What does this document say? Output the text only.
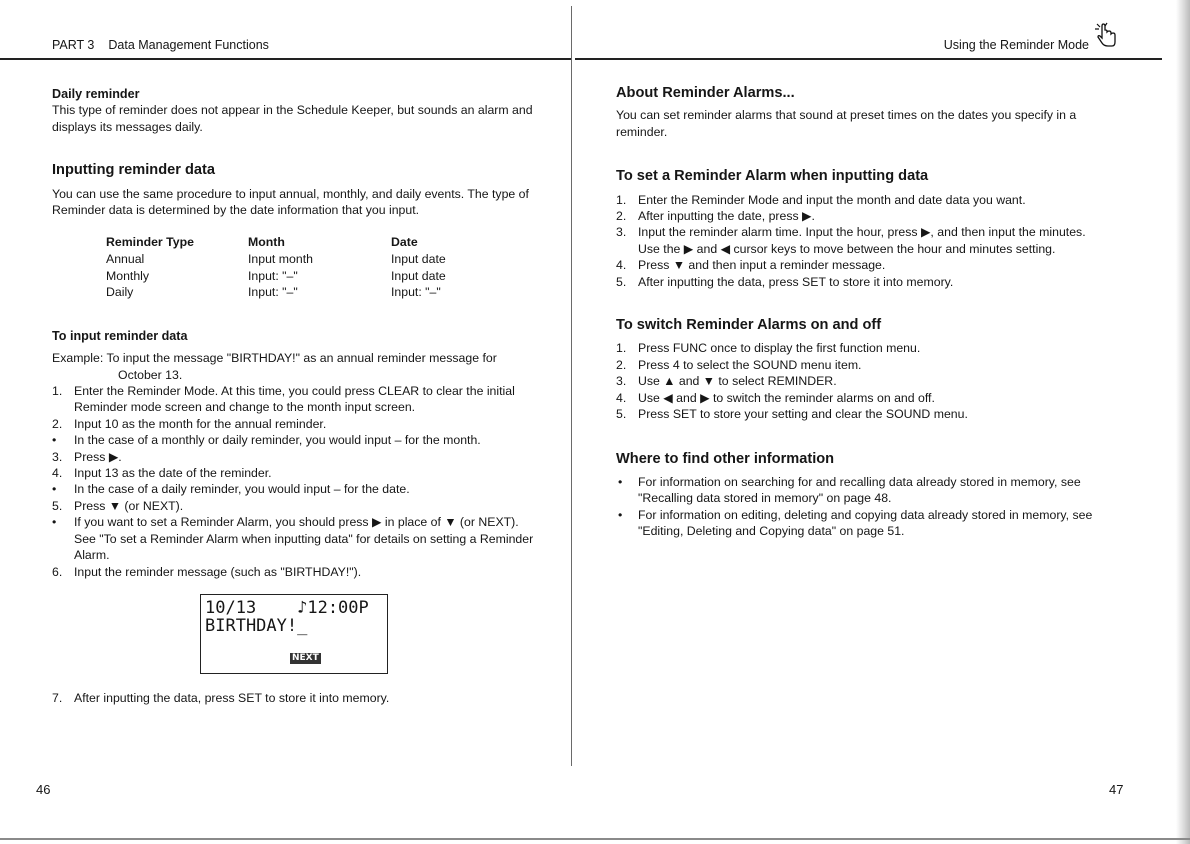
PART 3 Data Management Functions
Daily reminder

This type of reminder does not appear in the Schedule Keeper, but sounds an alarm and displays its messages daily.

Inputting reminder data

You can use the same procedure to input annual, monthly, and daily events. The type of Reminder data is determined by the date information that you input.

Reminder Type	Month	Date
Annual	Input month	Input date
Monthly	Input: "–"	Input date
Daily	Input: "–"	Input: "–"
To input reminder data

Example: To input the message "BIRTHDAY!" as an annual reminder message for October 13.

1. Enter the Reminder Mode. At this time, you could press CLEAR to clear the initial Reminder mode screen and change to the month input screen.
2. Input 10 as the month for the annual reminder.
•	In the case of a monthly or daily reminder, you would input – for the month.
3. Press ▶.
4. Input 13 as the date of the reminder.
•	In the case of a daily reminder, you would input – for the date.
5. Press ▼ (or NEXT).
•	If you want to set a Reminder Alarm, you should press ▶ in place of ▼ (or NEXT). See "To set a Reminder Alarm when inputting data" for details on setting a Reminder Alarm.
6. Input the reminder message (such as "BIRTHDAY!").
10/13    ♪12:00P
BIRTHDAY!_
NEXT
7. After inputting the data, press SET to store it into memory.
46
Using the Reminder Mode
About Reminder Alarms...

You can set reminder alarms that sound at preset times on the dates you specify in a reminder.

To set a Reminder Alarm when inputting data
1. Enter the Reminder Mode and input the month and date data you want.
2. After inputting the date, press ▶.
3. Input the reminder alarm time. Input the hour, press ▶, and then input the minutes. Use the ▶ and ◀ cursor keys to move between the hour and minutes setting.
4. Press ▼ and then input a reminder message.
5. After inputting the data, press SET to store it into memory.
To switch Reminder Alarms on and off
1. Press FUNC once to display the first function menu.
2. Press 4 to select the SOUND menu item.
3. Use ▲ and ▼ to select REMINDER.
4. Use ◀ and ▶ to switch the reminder alarms on and off.
5. Press SET to store your setting and clear the SOUND menu.
Where to find other information
•	For information on searching for and recalling data already stored in memory, see "Recalling data stored in memory" on page 48.
•	For information on editing, deleting and copying data already stored in memory, see "Editing, Deleting and Copying data" on page 51.
47
